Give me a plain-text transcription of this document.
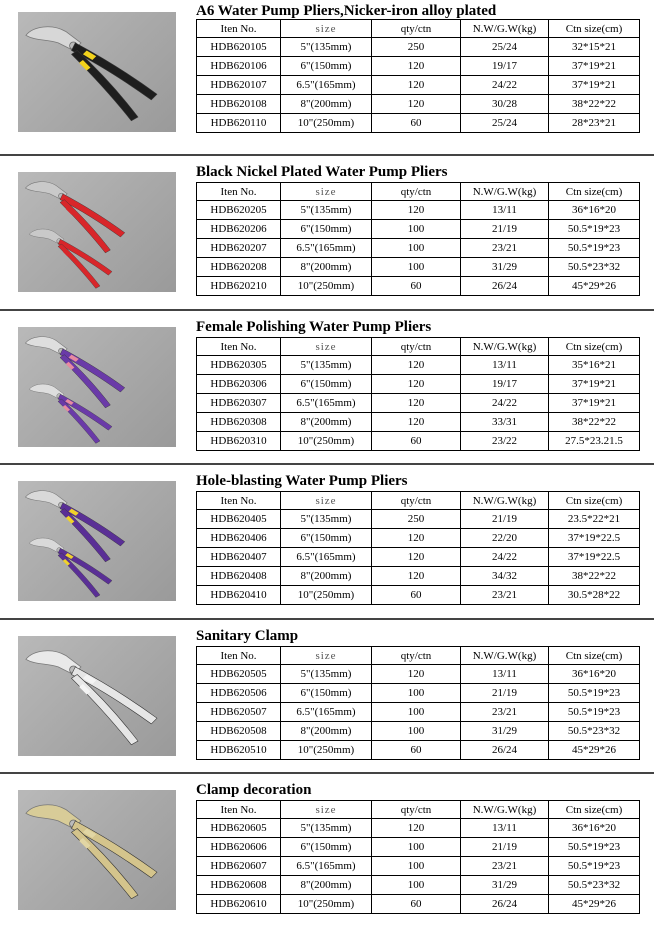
A6 Water Pump Pliers,Nicker-iron alloy plated
Iten No.	size	qty/ctn	N.W/G.W(kg)	Ctn size(cm)
HDB620105	5"(135mm)	250	25/24	32*15*21
HDB620106	6"(150mm)	120	19/17	37*19*21
HDB620107	6.5"(165mm)	120	24/22	37*19*21
HDB620108	8"(200mm)	120	30/28	38*22*22
HDB620110	10"(250mm)	60	25/24	28*23*21
Black Nickel Plated Water Pump Pliers
Iten No.	size	qty/ctn	N.W/G.W(kg)	Ctn size(cm)
HDB620205	5"(135mm)	120	13/11	36*16*20
HDB620206	6"(150mm)	100	21/19	50.5*19*23
HDB620207	6.5"(165mm)	100	23/21	50.5*19*23
HDB620208	8"(200mm)	100	31/29	50.5*23*32
HDB620210	10"(250mm)	60	26/24	45*29*26
Female Polishing Water Pump Pliers
Iten No.	size	qty/ctn	N.W/G.W(kg)	Ctn size(cm)
HDB620305	5"(135mm)	120	13/11	35*16*21
HDB620306	6"(150mm)	120	19/17	37*19*21
HDB620307	6.5"(165mm)	120	24/22	37*19*21
HDB620308	8"(200mm)	120	33/31	38*22*22
HDB620310	10"(250mm)	60	23/22	27.5*23.21.5
Hole-blasting Water Pump Pliers
Iten No.	size	qty/ctn	N.W/G.W(kg)	Ctn size(cm)
HDB620405	5"(135mm)	250	21/19	23.5*22*21
HDB620406	6"(150mm)	120	22/20	37*19*22.5
HDB620407	6.5"(165mm)	120	24/22	37*19*22.5
HDB620408	8"(200mm)	120	34/32	38*22*22
HDB620410	10"(250mm)	60	23/21	30.5*28*22
Sanitary Clamp
Iten No.	size	qty/ctn	N.W/G.W(kg)	Ctn size(cm)
HDB620505	5"(135mm)	120	13/11	36*16*20
HDB620506	6"(150mm)	100	21/19	50.5*19*23
HDB620507	6.5"(165mm)	100	23/21	50.5*19*23
HDB620508	8"(200mm)	100	31/29	50.5*23*32
HDB620510	10"(250mm)	60	26/24	45*29*26
Clamp decoration
Iten No.	size	qty/ctn	N.W/G.W(kg)	Ctn size(cm)
HDB620605	5"(135mm)	120	13/11	36*16*20
HDB620606	6"(150mm)	100	21/19	50.5*19*23
HDB620607	6.5"(165mm)	100	23/21	50.5*19*23
HDB620608	8"(200mm)	100	31/29	50.5*23*32
HDB620610	10"(250mm)	60	26/24	45*29*26
